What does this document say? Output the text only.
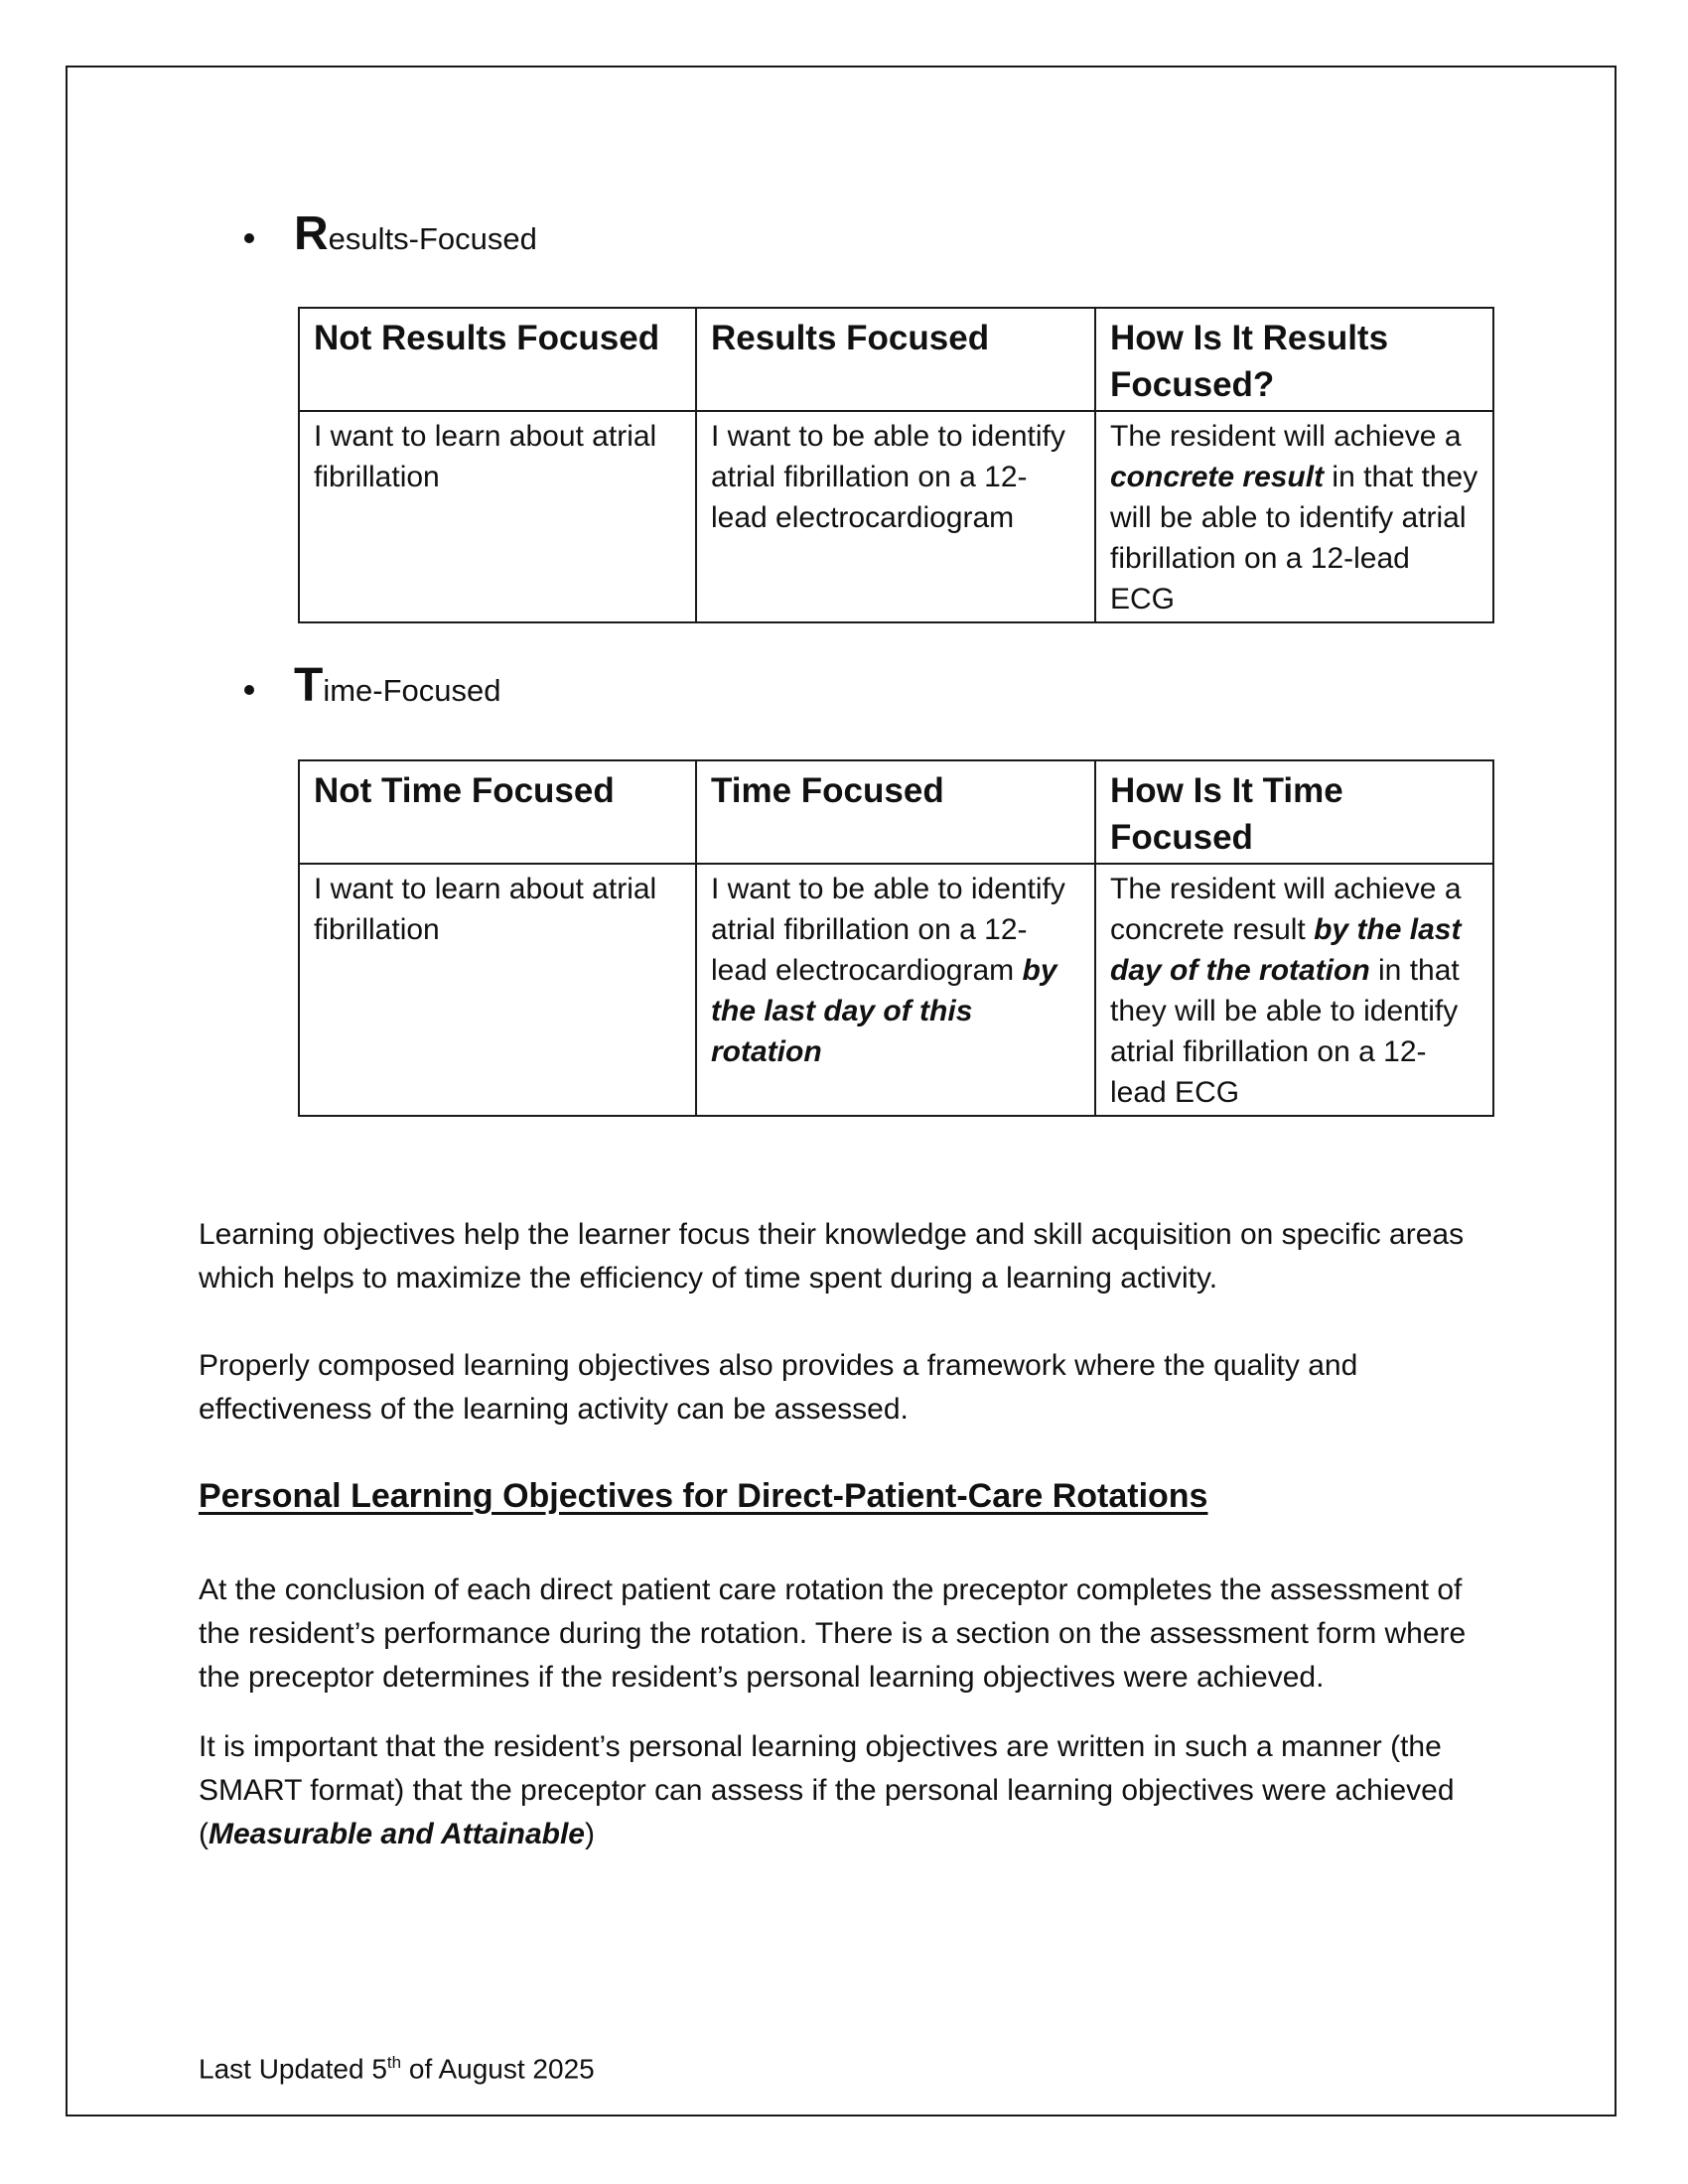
R esults-Focused
Not Results Focused	Results Focused	How Is It Results Focused?
I want to learn about atrial fibrillation	I want to be able to identify atrial fibrillation on a 12-lead electrocardiogram	The resident will achieve a concrete result in that they will be able to identify atrial fibrillation on a 12-lead ECG
T ime-Focused
Not Time Focused	Time Focused	How Is It Time Focused
I want to learn about atrial fibrillation	I want to be able to identify atrial fibrillation on a 12-lead electrocardiogram by the last day of this rotation	The resident will achieve a concrete result by the last day of the rotation in that they will be able to identify atrial fibrillation on a 12-lead ECG

Learning objectives help the learner focus their knowledge and skill acquisition on specific areas which helps to maximize the efficiency of time spent during a learning activity.

Properly composed learning objectives also provides a framework where the quality and effectiveness of the learning activity can be assessed.

Personal Learning Objectives for Direct-Patient-Care Rotations

At the conclusion of each direct patient care rotation the preceptor completes the assessment of the resident’s performance during the rotation. There is a section on the assessment form where the preceptor determines if the resident’s personal learning objectives were achieved.

It is important that the resident’s personal learning objectives are written in such a manner (the SMART format) that the preceptor can assess if the personal learning objectives were achieved (Measurable and Attainable)

Last Updated 5th of August 2025
